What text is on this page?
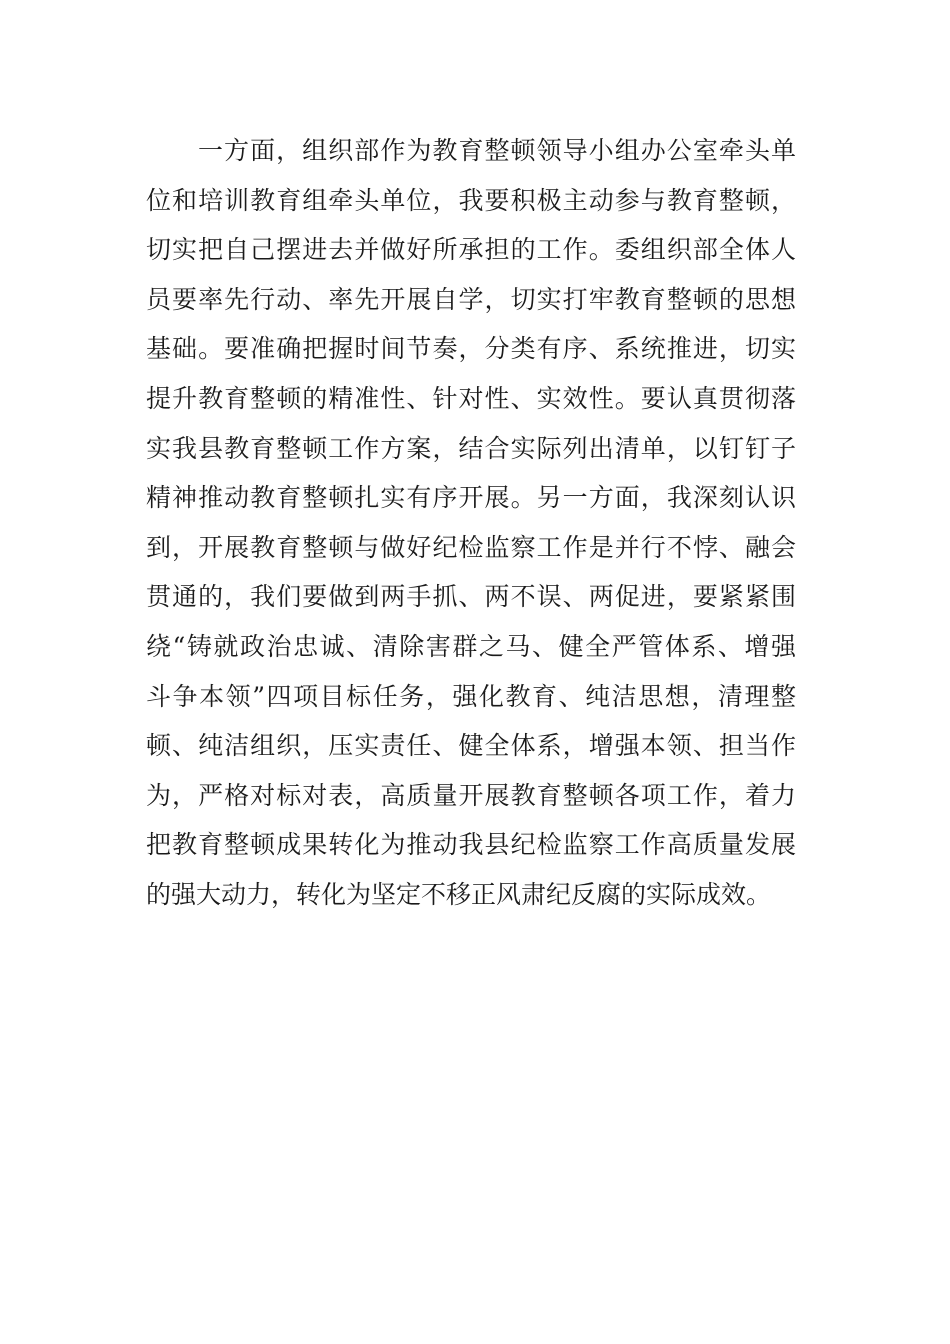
一方面，组织部作为教育整顿领导小组办公室牵头单
位和培训教育组牵头单位，我要积极主动参与教育整顿，
切实把自己摆进去并做好所承担的工作。委组织部全体人
员要率先行动、率先开展自学，切实打牢教育整顿的思想
基础。要准确把握时间节奏，分类有序、系统推进，切实
提升教育整顿的精准性、针对性、实效性。要认真贯彻落
实我县教育整顿工作方案，结合实际列出清单，以钉钉子
精神推动教育整顿扎实有序开展。另一方面，我深刻认识
到，开展教育整顿与做好纪检监察工作是并行不悖、融会
贯通的，我们要做到两手抓、两不误、两促进，要紧紧围
绕“铸就政治忠诚、清除害群之马、健全严管体系、增强
斗争本领”四项目标任务，强化教育、纯洁思想，清理整
顿、纯洁组织，压实责任、健全体系，增强本领、担当作
为，严格对标对表，高质量开展教育整顿各项工作，着力
把教育整顿成果转化为推动我县纪检监察工作高质量发展
的强大动力，转化为坚定不移正风肃纪反腐的实际成效。
